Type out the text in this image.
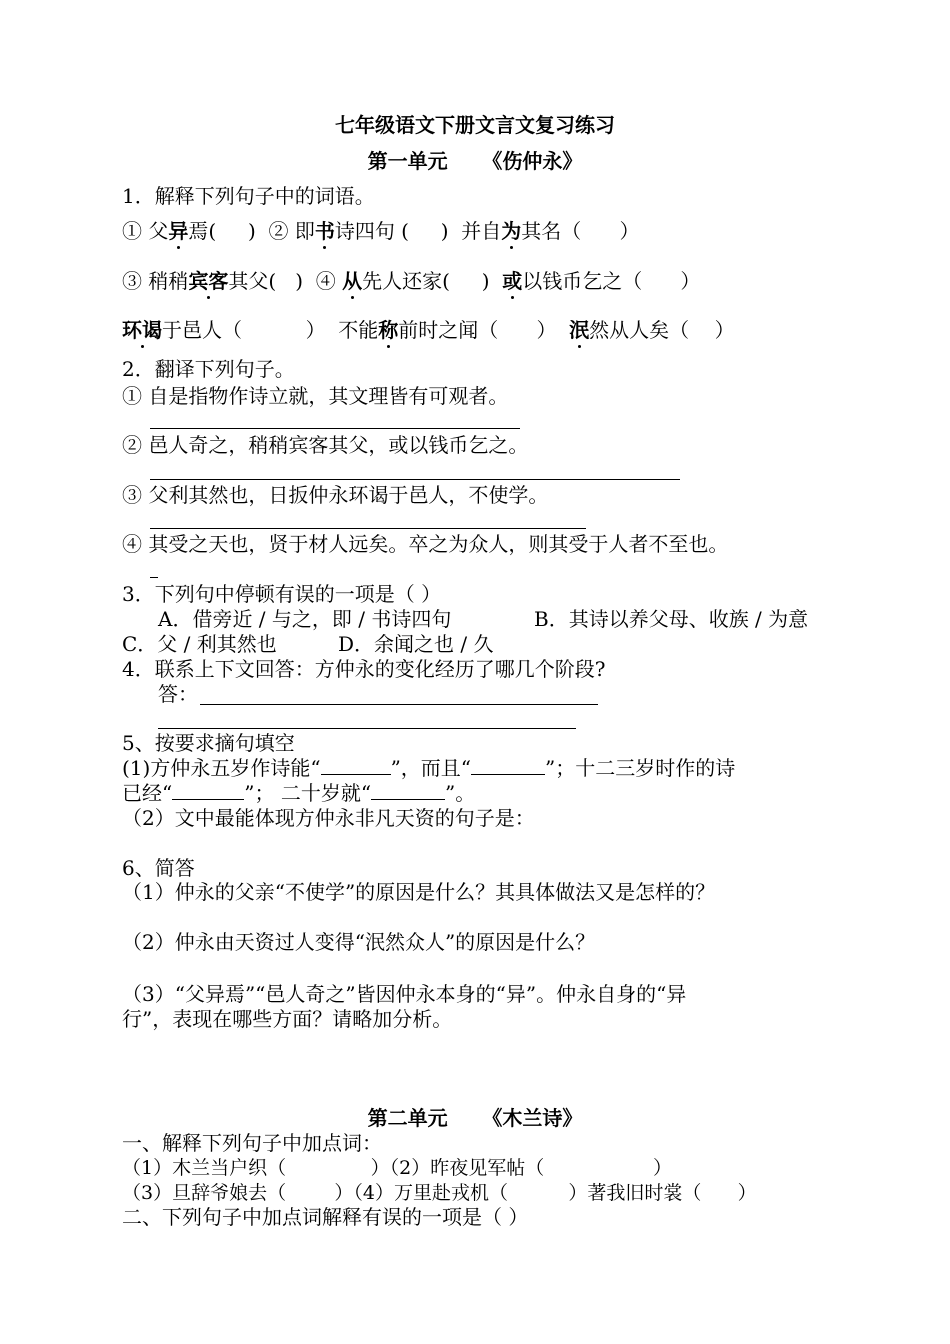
七年级语文下册文言文复习练习
第一单元     《伤仲永》
1．解释下列句子中的词语。
① 父异焉(     )  ② 即书诗四句 (     )  并自为其名（      ）
③ 稍稍宾客其父(   )  ④ 从先人还家(     )  或以钱币乞之（      ）
环谒于邑人（          ）  不能称前时之闻（      ）  泯然从人矣（    ）
2．翻译下列句子。
① 自是指物作诗立就，其文理皆有可观者。
② 邑人奇之，稍稍宾客其父，或以钱币乞之。
③ 父利其然也，日扳仲永环谒于邑人，不使学。
④ 其受之天也，贤于材人远矣。卒之为众人，则其受于人者不至也。
3．下列句中停顿有误的一项是（ ）
A．借旁近 / 与之，即 / 书诗四句	B．其诗以养父母、收族 / 为意
C．父 / 利其然也	D．余闻之也 / 久
4．联系上下文回答：方仲永的变化经历了哪几个阶段?
答：
5、按要求摘句填空
(1)方仲永五岁作诗能“	”，而且“	”；十二三岁时作的诗
已经“	”； 二十岁就“	”。
（2）文中最能体现方仲永非凡天资的句子是：
6、简答
（1）仲永的父亲“不使学”的原因是什么？其具体做法又是怎样的？
（2）仲永由天资过人变得“泯然众人”的原因是什么？
（3）“父异焉”“邑人奇之”皆因仲永本身的“异”。仲永自身的“异
行”，表现在哪些方面？请略加分析。
第二单元     《木兰诗》
一、解释下列句子中加点词：
（1）木兰当户织（              ）（2）昨夜见军帖（                  ）
（3）旦辞爷娘去（        ）（4）万里赴戎机（          ）著我旧时裳（      ）
二、下列句子中加点词解释有误的一项是（ ）
